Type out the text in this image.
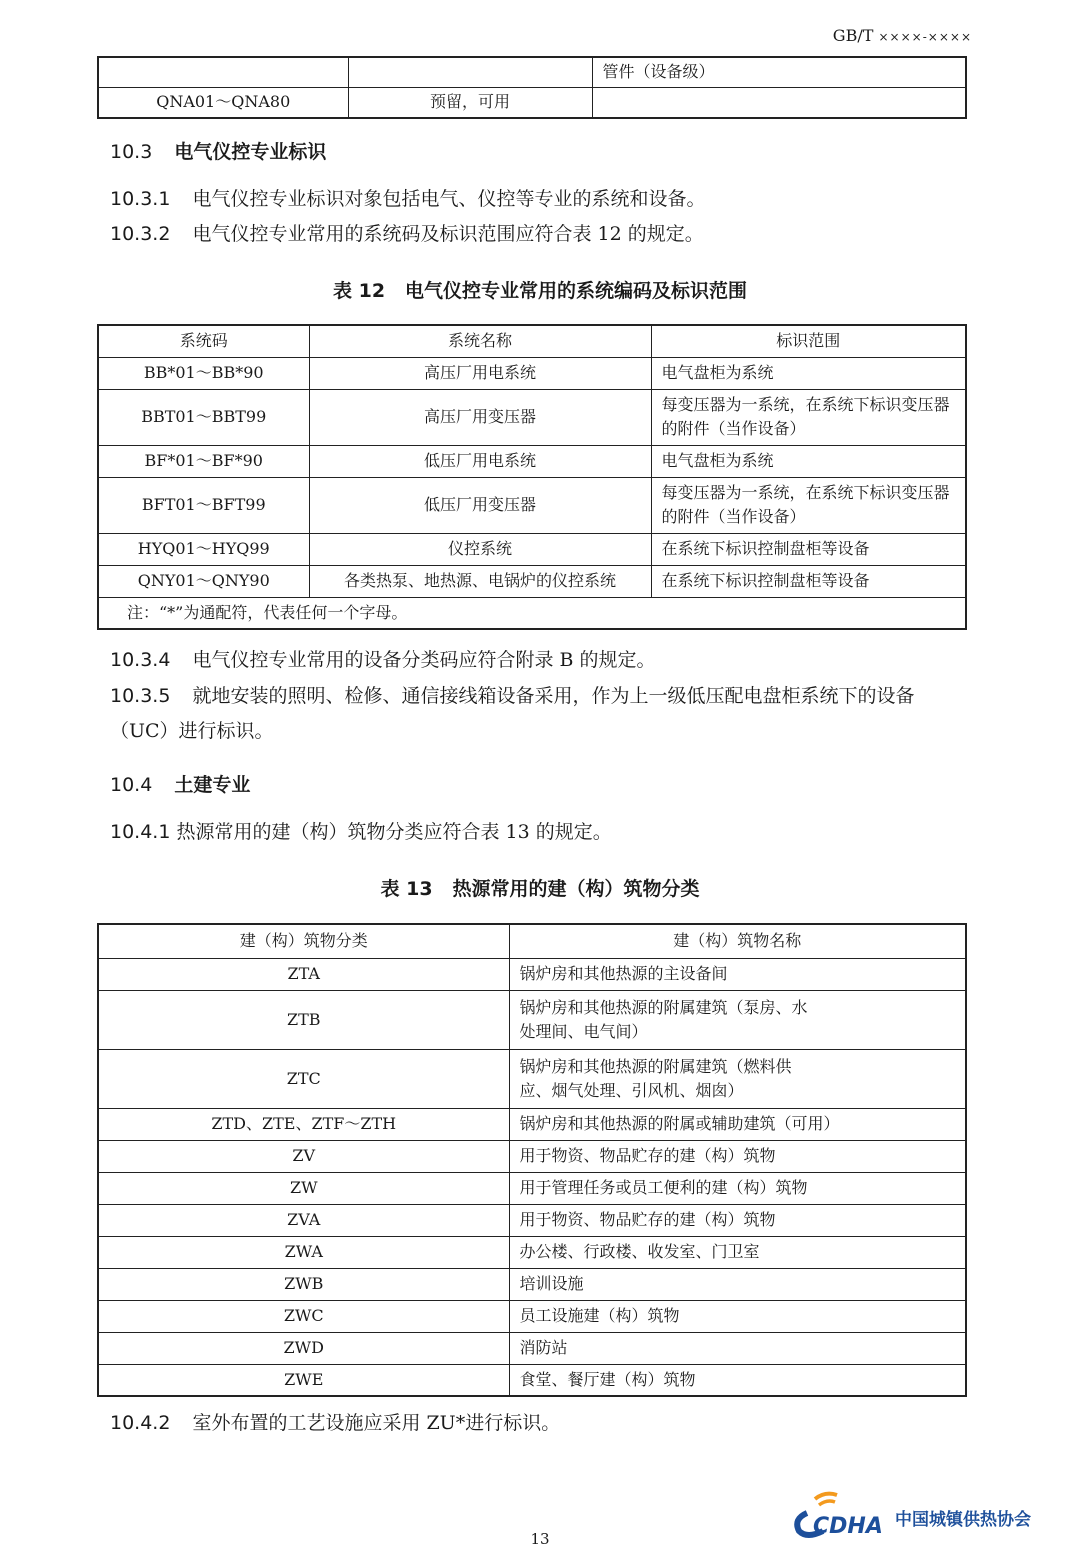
GB/T ××××-××××
		管件（设备级）
QNA01～QNA80	预留，可用	
10.3 电气仪控专业标识
10.3.1 电气仪控专业标识对象包括电气、仪控等专业的系统和设备。
10.3.2 电气仪控专业常用的系统码及标识范围应符合表 12 的规定。
表 12 电气仪控专业常用的系统编码及标识范围
系统码	系统名称	标识范围
BB*01～BB*90	高压厂用电系统	电气盘柜为系统
BBT01～BBT99	高压厂用变压器	每变压器为一系统，在系统下标识变压器的附件（当作设备）
BF*01～BF*90	低压厂用电系统	电气盘柜为系统
BFT01～BFT99	低压厂用变压器	每变压器为一系统，在系统下标识变压器的附件（当作设备）
HYQ01～HYQ99	仪控系统	在系统下标识控制盘柜等设备
QNY01～QNY90	各类热泵、地热源、电锅炉的仪控系统	在系统下标识控制盘柜等设备
注：“*”为通配符，代表任何一个字母。		
10.3.4 电气仪控专业常用的设备分类码应符合附录 B 的规定。
10.3.5 就地安装的照明、检修、通信接线箱设备采用，作为上一级低压配电盘柜系统下的设备（UC）进行标识。
10.4 土建专业
10.4.1 热源常用的建（构）筑物分类应符合表 13 的规定。
表 13 热源常用的建（构）筑物分类
建（构）筑物分类	建（构）筑物名称
ZTA	锅炉房和其他热源的主设备间
ZTB	锅炉房和其他热源的附属建筑（泵房、水处理间、电气间）
ZTC	锅炉房和其他热源的附属建筑（燃料供应、烟气处理、引风机、烟囱）
ZTD、ZTE、ZTF～ZTH	锅炉房和其他热源的附属或辅助建筑（可用）
ZV	用于物资、物品贮存的建（构）筑物
ZW	用于管理任务或员工便利的建（构）筑物
ZVA	用于物资、物品贮存的建（构）筑物
ZWA	办公楼、行政楼、收发室、门卫室
ZWB	培训设施
ZWC	员工设施建（构）筑物
ZWD	消防站
ZWE	食堂、餐厅建（构）筑物
10.4.2 室外布置的工艺设施应采用 ZU*进行标识。
CDHA 中国城镇供热协会
13
